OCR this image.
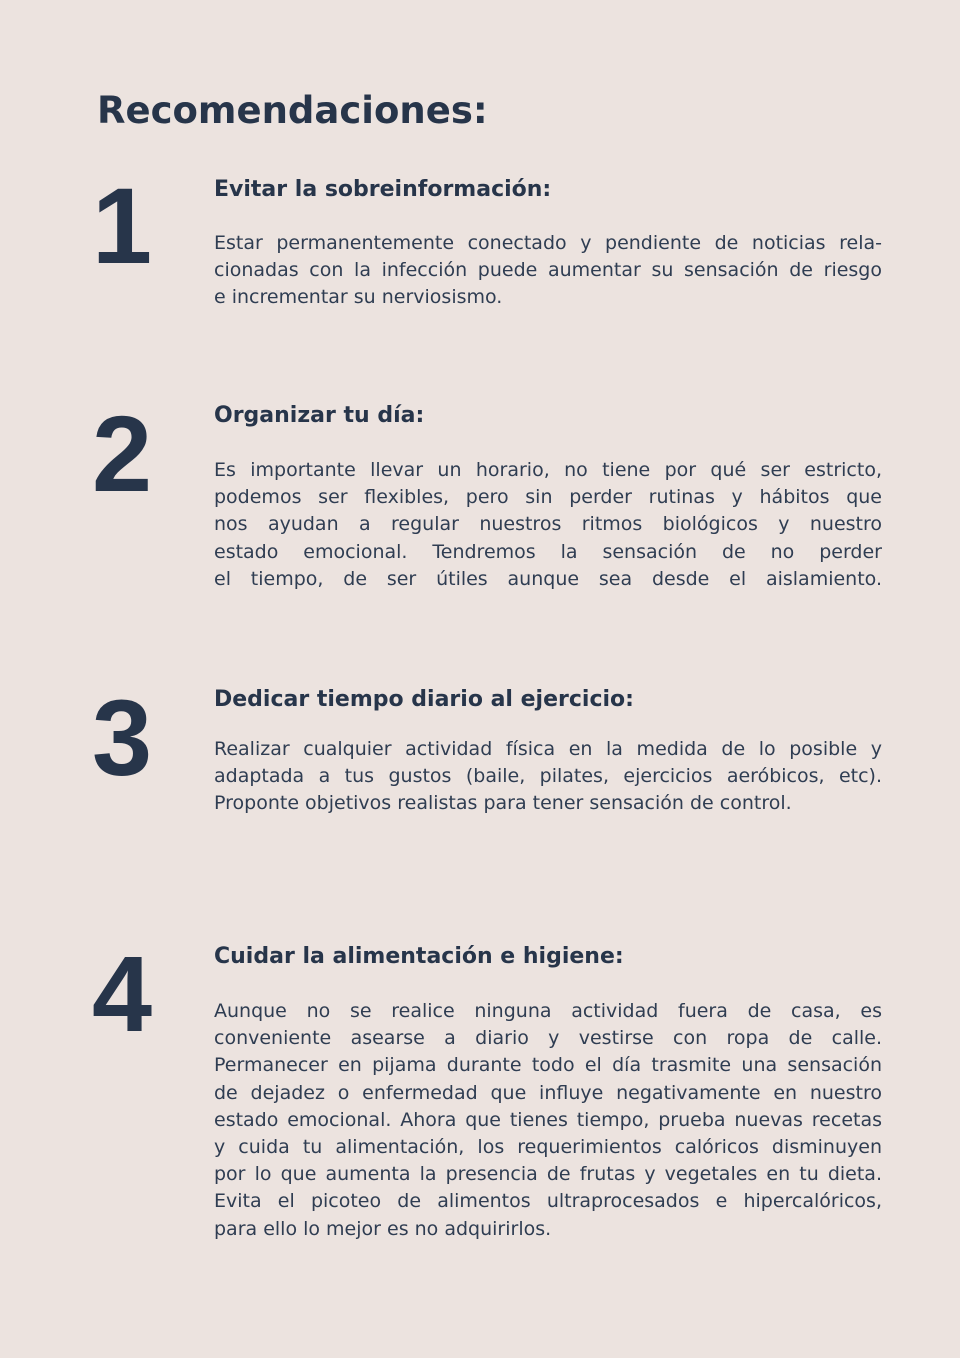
Recomendaciones:
1	Evitar la sobreinformación:

Estar permanentemente conectado y pendiente de noticias rela-
cionadas con la infección puede aumentar su sensación de riesgo
e incrementar su nerviosismo.

2	Organizar tu día:

Es importante llevar un horario, no tiene por qué ser estricto,
podemos ser flexibles, pero sin perder rutinas y hábitos que
nos ayudan a regular nuestros ritmos biológicos y nuestro
estado emocional. Tendremos la sensación de no perder
el tiempo, de ser útiles aunque sea desde el aislamiento.

3	Dedicar tiempo diario al ejercicio:

Realizar cualquier actividad física en la medida de lo posible y
adaptada a tus gustos (baile, pilates, ejercicios aeróbicos, etc).
Proponte objetivos realistas para tener sensación de control.

4	Cuidar la alimentación e higiene:

Aunque no se realice ninguna actividad fuera de casa, es
conveniente asearse a diario y vestirse con ropa de calle.
Permanecer en pijama durante todo el día trasmite una sensación
de dejadez o enfermedad que influye negativamente en nuestro
estado emocional. Ahora que tienes tiempo, prueba nuevas recetas
y cuida tu alimentación, los requerimientos calóricos disminuyen
por lo que aumenta la presencia de frutas y vegetales en tu dieta.
Evita el picoteo de alimentos ultraprocesados e hipercalóricos,
para ello lo mejor es no adquirirlos.
